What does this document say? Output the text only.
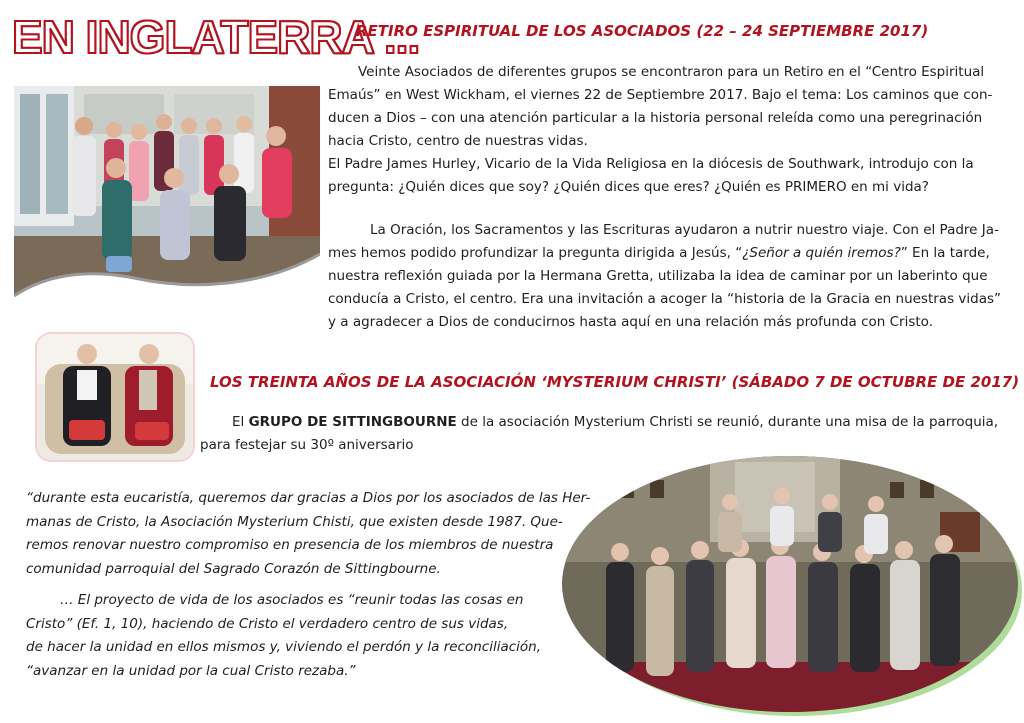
EN INGLATERRA ...
RETIRO ESPIRITUAL DE LOS ASOCIADOS (22 – 24 SEPTIEMBRE 2017)
Veinte Asociados de diferentes grupos se encontraron para un Retiro en el “Centro Espiritual
Emaús” en West Wickham, el viernes 22 de Septiembre 2017. Bajo el tema: Los caminos que con-
ducen a Dios – con una atención particular a la historia personal releída como una peregrinación
hacia Cristo, centro de nuestras vidas.
El Padre James Hurley, Vicario de la Vida Religiosa en la diócesis de Southwark, introdujo con la
pregunta: ¿Quién dices que soy? ¿Quién dices que eres? ¿Quién es PRIMERO en mi vida?
La Oración, los Sacramentos y las Escrituras ayudaron a nutrir nuestro viaje. Con el Padre Ja-
mes hemos podido profundizar la pregunta dirigida a Jesús, “¿Señor a quién iremos?” En la tarde,
nuestra reflexión guiada por la Hermana Gretta, utilizaba la idea de caminar por un laberinto que
conducía a Cristo, el centro. Era una invitación a acoger la “historia de la Gracia en nuestras vidas”
y a agradecer a Dios de conducirnos hasta aquí en una relación más profunda con Cristo.
LOS TREINTA AÑOS DE LA ASOCIACIÓN ‘MYSTERIUM CHRISTI’ (SÁBADO 7 DE OCTUBRE DE 2017)
El GRUPO DE SITTINGBOURNE de la asociación Mysterium Christi se reunió, durante una misa de la parroquia,
para festejar su 30º aniversario
“durante esta eucaristía, queremos dar gracias a Dios por los asociados de las Her-
manas de Cristo, la Asociación Mysterium Chisti, que existen desde 1987. Que-
remos renovar nuestro compromiso en presencia de los miembros de nuestra
comunidad parroquial del Sagrado Corazón de Sittingbourne.
… El proyecto de vida de los asociados es “reunir todas las cosas en
Cristo” (Ef. 1, 10), haciendo de Cristo el verdadero centro de sus vidas,
de hacer la unidad en ellos mismos y, viviendo el perdón y la reconciliación,
“avanzar en la unidad por la cual Cristo rezaba.”
